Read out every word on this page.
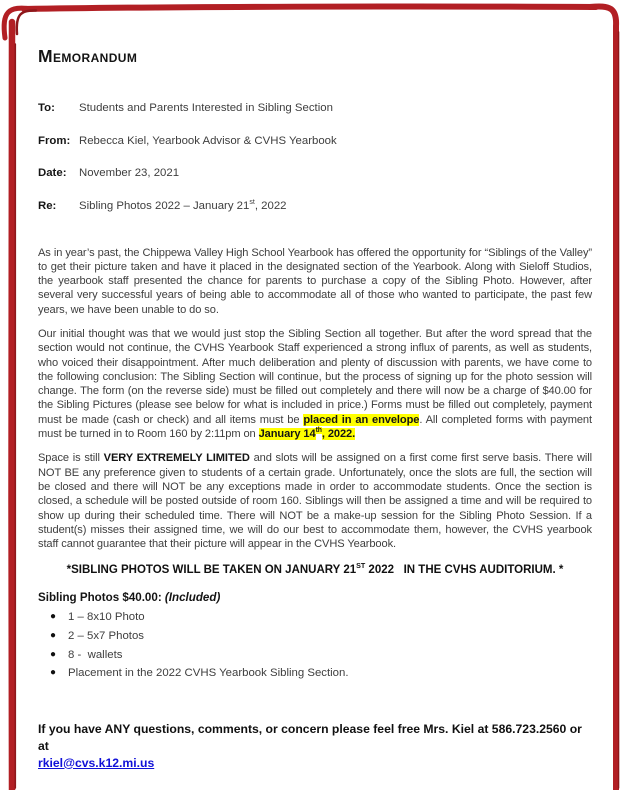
Memorandum
To:	Students and Parents Interested in Sibling Section
From: Rebecca Kiel, Yearbook Advisor & CVHS Yearbook
Date:	November 23, 2021
Re:	Sibling Photos 2022 – January 21st, 2022

As in year’s past, the Chippewa Valley High School Yearbook has offered the opportunity for “Siblings of the Valley” to get their picture taken and have it placed in the designated section of the Yearbook. Along with Sieloff Studios, the yearbook staff presented the chance for parents to purchase a copy of the Sibling Photo. However, after several very successful years of being able to accommodate all of those who wanted to participate, the past few years, we have been unable to do so.

Our initial thought was that we would just stop the Sibling Section all together. But after the word spread that the section would not continue, the CVHS Yearbook Staff experienced a strong influx of parents, as well as students, who voiced their disappointment. After much deliberation and plenty of discussion with parents, we have come to the following conclusion: The Sibling Section will continue, but the process of signing up for the photo session will change. The form (on the reverse side) must be filled out completely and there will now be a charge of $40.00 for the Sibling Pictures (please see below for what is included in price.) Forms must be filled out completely, payment must be made (cash or check) and all items must be placed in an envelope. All completed forms with payment must be turned in to Room 160 by 2:11pm on January 14th, 2022.

Space is still VERY EXTREMELY LIMITED and slots will be assigned on a first come first serve basis. There will NOT BE any preference given to students of a certain grade. Unfortunately, once the slots are full, the section will be closed and there will NOT be any exceptions made in order to accommodate students. Once the section is closed, a schedule will be posted outside of room 160. Siblings will then be assigned a time and will be required to show up during their scheduled time. There will NOT be a make-up session for the Sibling Photo Session. If a student(s) misses their assigned time, we will do our best to accommodate them, however, the CVHS yearbook staff cannot guarantee that their picture will appear in the CVHS Yearbook.

*SIBLING PHOTOS WILL BE TAKEN ON JANUARY 21ST 2022   IN THE CVHS AUDITORIUM. *
Sibling Photos $40.00: (Included)
● 1 – 8x10 Photo
● 2 – 5x7 Photos
● 8 -  wallets
● Placement in the 2022 CVHS Yearbook Sibling Section.
If you have ANY questions, comments, or concern please feel free Mrs. Kiel at 586.723.2560 or at
rkiel@cvs.k12.mi.us
